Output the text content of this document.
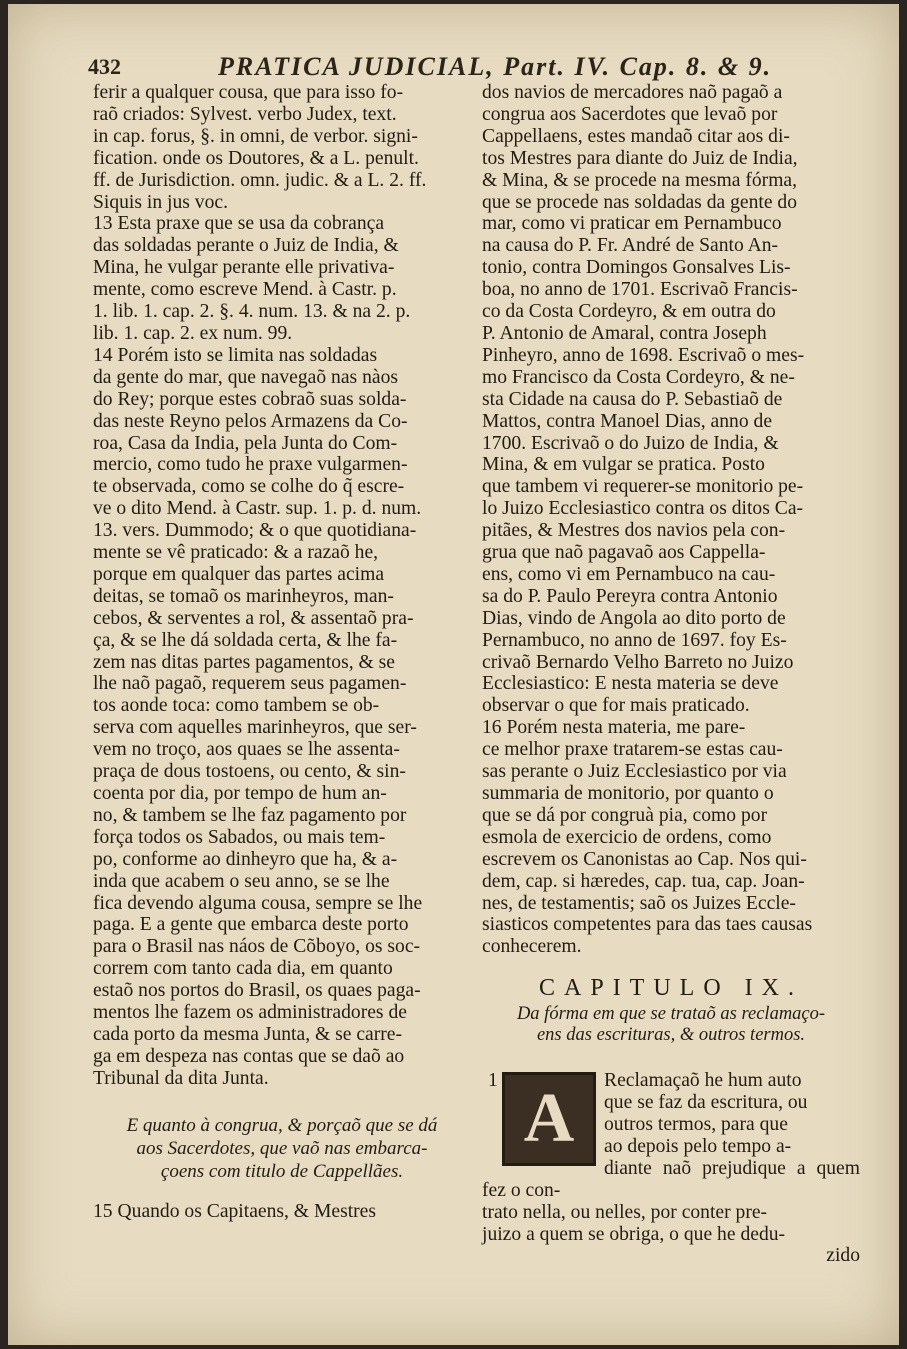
432	PRATICA JUDICIAL, Part. IV. Cap. 8. & 9.

ferir a qualquer cousa, que para isso fo-
raõ criados: Sylvest. verbo Judex, text.
in cap. forus, §. in omni, de verbor. signi-
fication. onde os Doutores, & a L. penult.
ff. de Jurisdiction. omn. judic. & a L. 2. ff.
Siquis in jus voc.

13 Esta praxe que se usa da cobrança
das soldadas perante o Juiz de India, &
Mina, he vulgar perante elle privativa-
mente, como escreve Mend. à Castr. p.
1. lib. 1. cap. 2. §. 4. num. 13. & na 2. p.
lib. 1. cap. 2. ex num. 99.

14 Porém isto se limita nas soldadas
da gente do mar, que navegaõ nas nàos
do Rey; porque estes cobraõ suas solda-
das neste Reyno pelos Armazens da Co-
roa, Casa da India, pela Junta do Com-
mercio, como tudo he praxe vulgarmen-
te observada, como se colhe do q̃ escre-
ve o dito Mend. à Castr. sup. 1. p. d. num.
13. vers. Dummodo; & o que quotidiana-
mente se vê praticado: & a razaõ he,
porque em qualquer das partes acima
deitas, se tomaõ os marinheyros, man-
cebos, & serventes a rol, & assentaõ pra-
ça, & se lhe dá soldada certa, & lhe fa-
zem nas ditas partes pagamentos, & se
lhe naõ pagaõ, requerem seus pagamen-
tos aonde toca: como tambem se ob-
serva com aquelles marinheyros, que ser-
vem no troço, aos quaes se lhe assenta-
praça de dous tostoens, ou cento, & sin-
coenta por dia, por tempo de hum an-
no, & tambem se lhe faz pagamento por
força todos os Sabados, ou mais tem-
po, conforme ao dinheyro que ha, & a-
inda que acabem o seu anno, se se lhe
fica devendo alguma cousa, sempre se lhe
paga. E a gente que embarca deste porto
para o Brasil nas náos de Cõboyo, os soc-
correm com tanto cada dia, em quanto
estaõ nos portos do Brasil, os quaes paga-
mentos lhe fazem os administradores de
cada porto da mesma Junta, & se carre-
ga em despeza nas contas que se daõ ao
Tribunal da dita Junta.

E quanto à congrua, & porçaõ que se dá
aos Sacerdotes, que vaõ nas embarca-
çoens com titulo de Cappellães.

15 Quando os Capitaens, & Mestres

dos navios de mercadores naõ pagaõ a
congrua aos Sacerdotes que levaõ por
Cappellaens, estes mandaõ citar aos di-
tos Mestres para diante do Juiz de India,
& Mina, & se procede na mesma fórma,
que se procede nas soldadas da gente do
mar, como vi praticar em Pernambuco
na causa do P. Fr. André de Santo An-
tonio, contra Domingos Gonsalves Lis-
boa, no anno de 1701. Escrivaõ Francis-
co da Costa Cordeyro, & em outra do
P. Antonio de Amaral, contra Joseph
Pinheyro, anno de 1698. Escrivaõ o mes-
mo Francisco da Costa Cordeyro, & ne-
sta Cidade na causa do P. Sebastiaõ de
Mattos, contra Manoel Dias, anno de
1700. Escrivaõ o do Juizo de India, &
Mina, & em vulgar se pratica. Posto
que tambem vi requerer-se monitorio pe-
lo Juizo Ecclesiastico contra os ditos Ca-
pitães, & Mestres dos navios pela con-
grua que naõ pagavaõ aos Cappella-
ens, como vi em Pernambuco na cau-
sa do P. Paulo Pereyra contra Antonio
Dias, vindo de Angola ao dito porto de
Pernambuco, no anno de 1697. foy Es-
crivaõ Bernardo Velho Barreto no Juizo
Ecclesiastico: E nesta materia se deve
observar o que for mais praticado.

16 Porém nesta materia, me pare-
ce melhor praxe tratarem-se estas cau-
sas perante o Juiz Ecclesiastico por via
summaria de monitorio, por quanto o
que se dá por congruà pia, como por
esmola de exercicio de ordens, como
escrevem os Canonistas ao Cap. Nos qui-
dem, cap. si hæredes, cap. tua, cap. Joan-
nes, de testamentis; saõ os Juizes Eccle-
siasticos competentes para das taes causas
conhecerem.

CAPITULO IX.

Da fórma em que se trataõ as reclamaço-
ens das escrituras, & outros termos.

1 A	Reclamaçaõ he hum auto
que se faz da escritura, ou
outros termos, para que
ao depois pelo tempo a-
diante naõ prejudique a quem fez o con-
trato nella, ou nelles, por conter pre-
juizo a quem se obriga, o que he dedu-

zido
